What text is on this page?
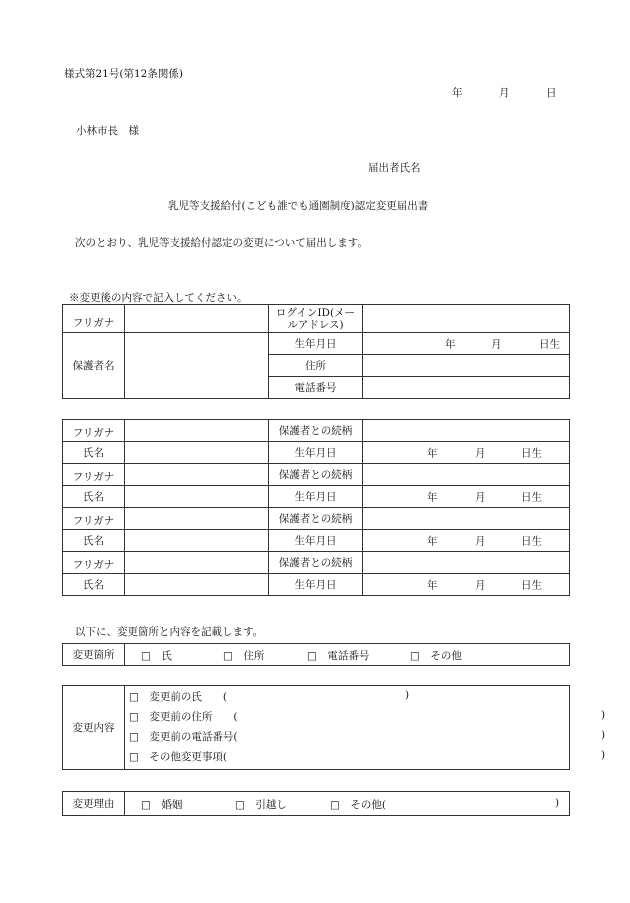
様式第21号(第12条関係)
年	月	日
小林市長　様
届出者氏名
乳児等支援給付(こども誰でも通園制度)認定変更届出書
次のとおり、乳児等支援給付認定の変更について届出します。
※変更後の内容で記入してください。
フリガナ		ログインID(メー
ルアドレス)	

保護者名		生年月日	年 月 日生

		住所	
		電話番号	
フリガナ		保護者との続柄	
氏名		生年月日	年 月 日生

フリガナ		保護者との続柄	
氏名		生年月日	年 月 日生

フリガナ		保護者との続柄	
氏名		生年月日	年 月 日生

フリガナ		保護者との続柄	
氏名		生年月日	年 月 日生
以下に、変更箇所と内容を記載します。
変更箇所	□　氏	□　住所	□　電話番号	□　その他
変更内容	
□　変更前の氏　　(	)
□　変更前の住所　　(	)
□　変更前の電話番号(	)
□　その他変更事項(	)
変更理由	□　婚姻	□　引越し	□　その他(	)
